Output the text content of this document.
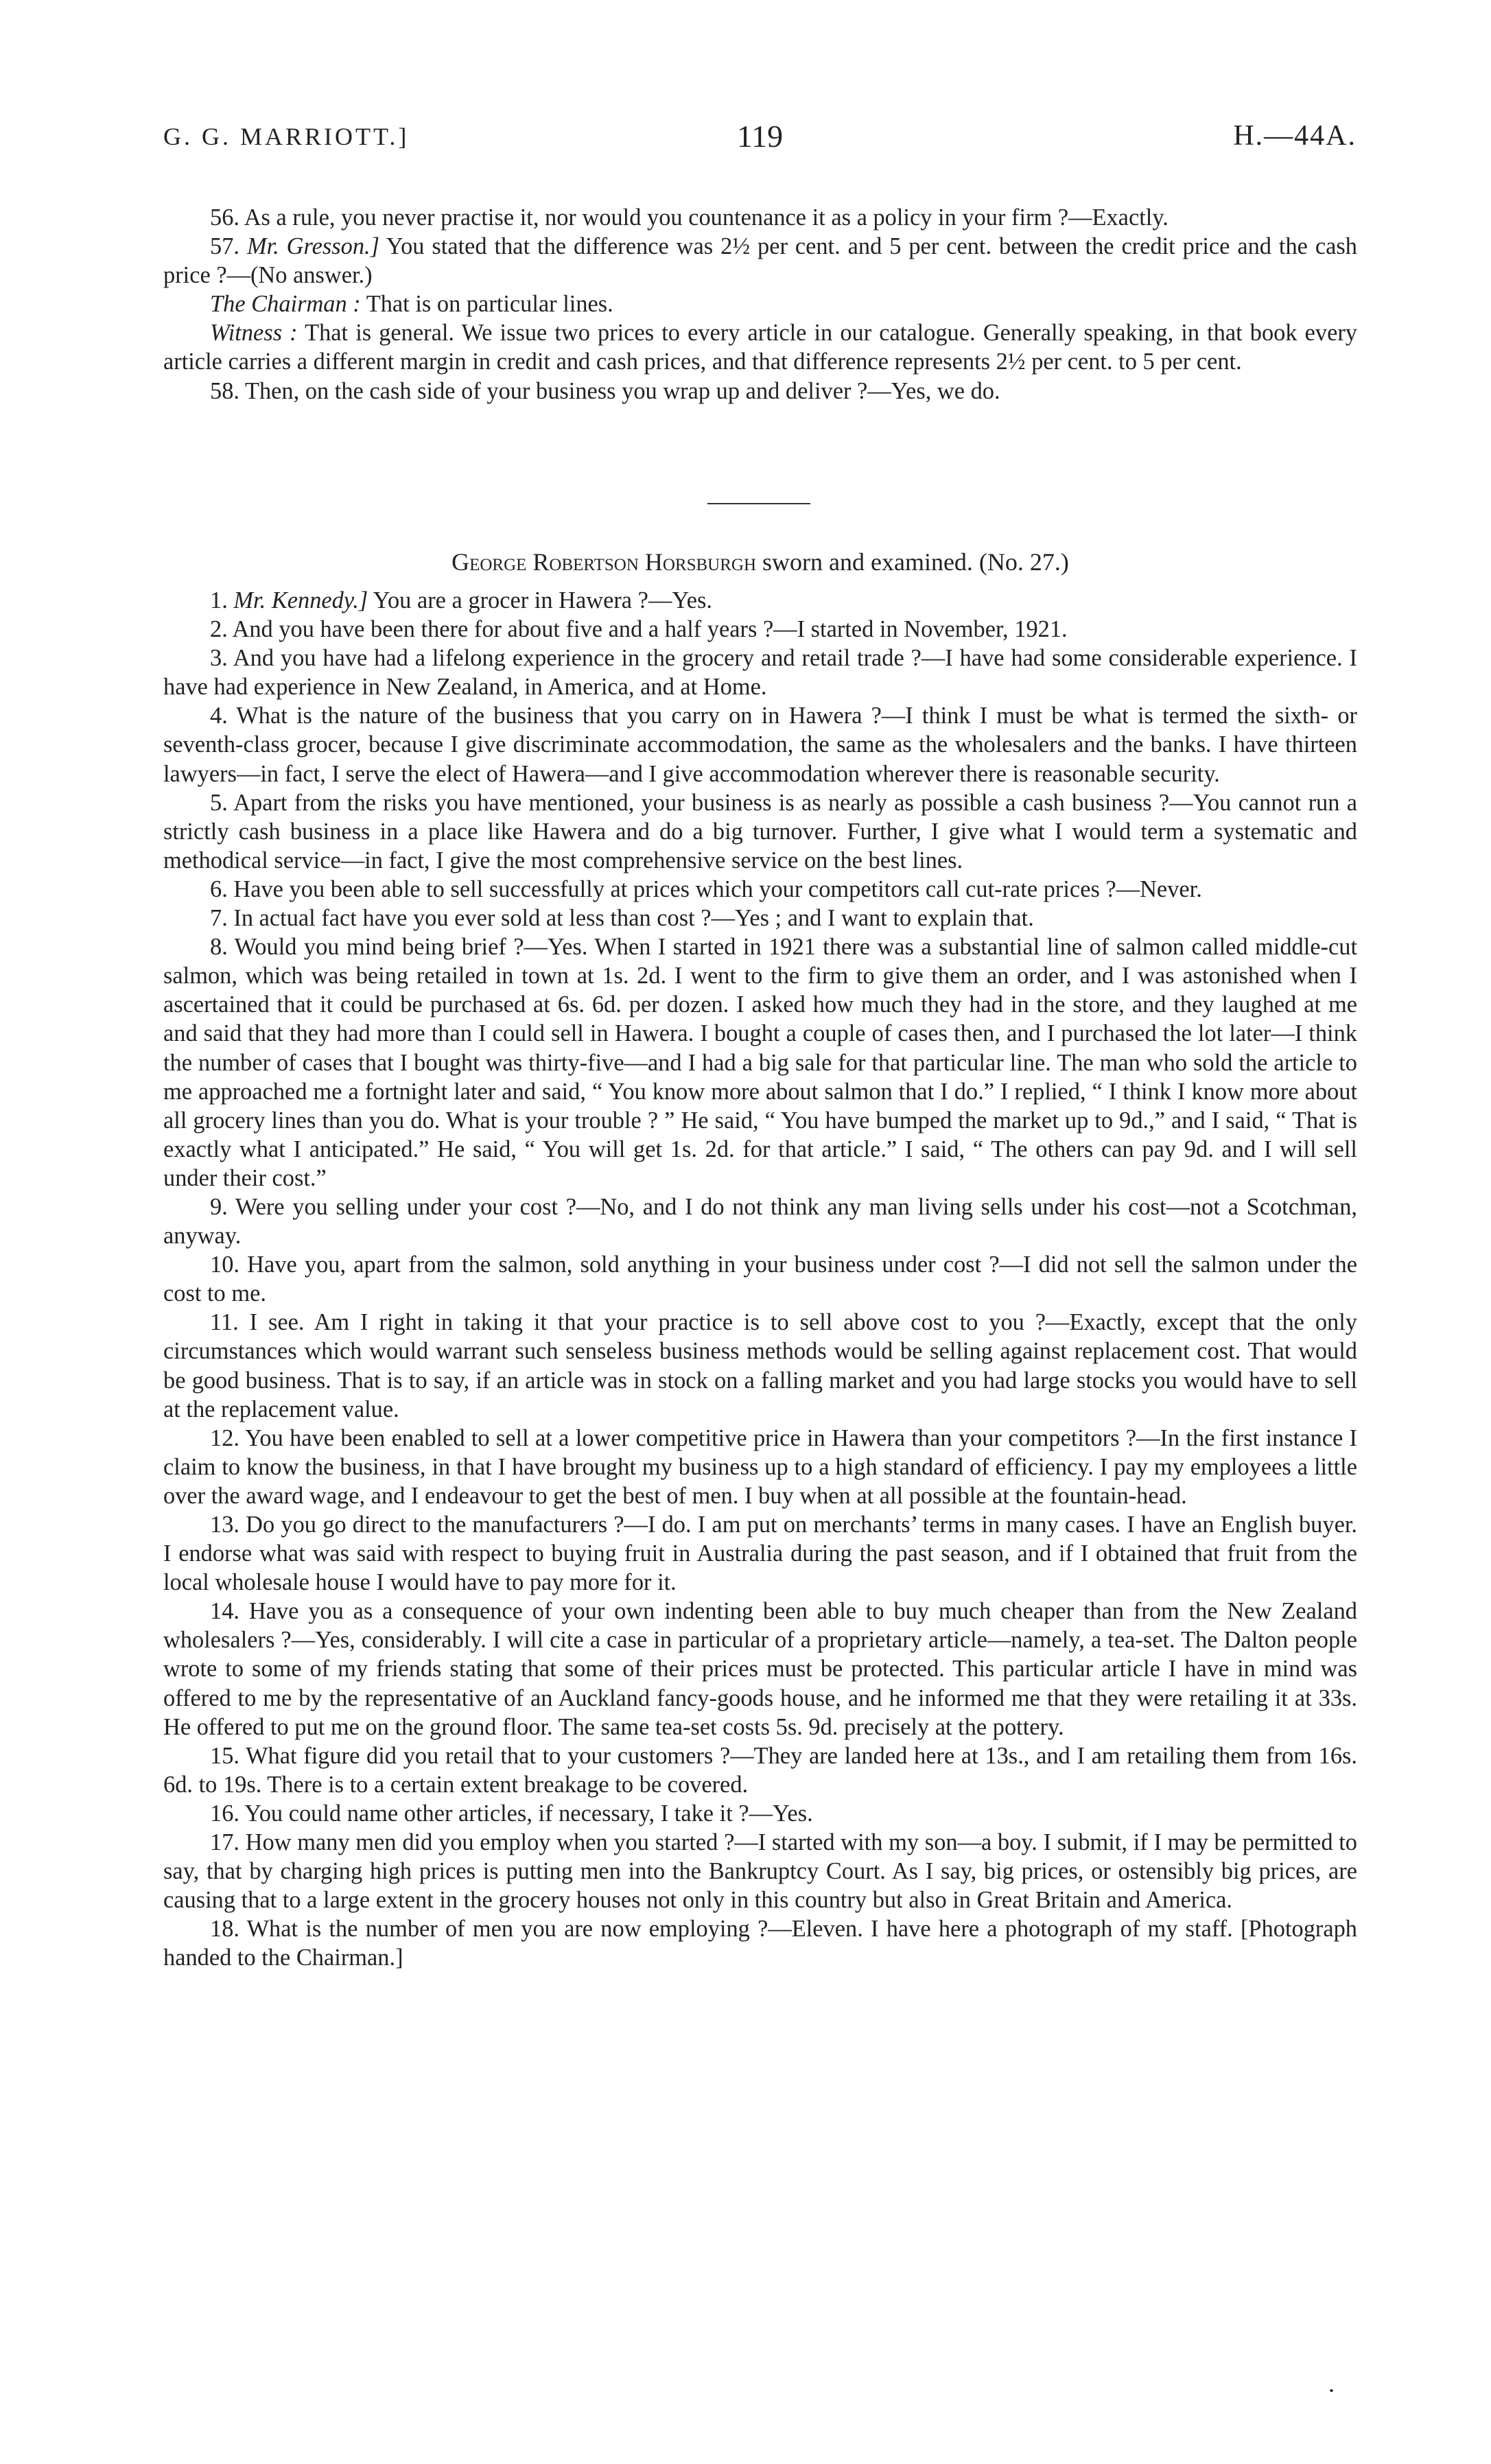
G. G. MARRIOTT.]	119	H.—44A.

56. As a rule, you never practise it, nor would you countenance it as a policy in your firm ?—Exactly.

57. Mr. Gresson.] You stated that the difference was 2½ per cent. and 5 per cent. between the credit price and the cash price ?—(No answer.)

The Chairman : That is on particular lines.

Witness : That is general. We issue two prices to every article in our catalogue. Generally speaking, in that book every article carries a different margin in credit and cash prices, and that difference represents 2½ per cent. to 5 per cent.

58. Then, on the cash side of your business you wrap up and deliver ?—Yes, we do.

George Robertson Horsburgh sworn and examined. (No. 27.)

1. Mr. Kennedy.] You are a grocer in Hawera ?—Yes.

2. And you have been there for about five and a half years ?—I started in November, 1921.

3. And you have had a lifelong experience in the grocery and retail trade ?—I have had some considerable experience. I have had experience in New Zealand, in America, and at Home.

4. What is the nature of the business that you carry on in Hawera ?—I think I must be what is termed the sixth- or seventh-class grocer, because I give discriminate accommodation, the same as the wholesalers and the banks. I have thirteen lawyers—in fact, I serve the elect of Hawera—and I give accommodation wherever there is reasonable security.

5. Apart from the risks you have mentioned, your business is as nearly as possible a cash business ?—You cannot run a strictly cash business in a place like Hawera and do a big turnover. Further, I give what I would term a systematic and methodical service—in fact, I give the most comprehensive service on the best lines.

6. Have you been able to sell successfully at prices which your competitors call cut-rate prices ?—Never.

7. In actual fact have you ever sold at less than cost ?—Yes ; and I want to explain that.

8. Would you mind being brief ?—Yes. When I started in 1921 there was a substantial line of salmon called middle-cut salmon, which was being retailed in town at 1s. 2d. I went to the firm to give them an order, and I was astonished when I ascertained that it could be purchased at 6s. 6d. per dozen. I asked how much they had in the store, and they laughed at me and said that they had more than I could sell in Hawera. I bought a couple of cases then, and I purchased the lot later—I think the number of cases that I bought was thirty-five—and I had a big sale for that particular line. The man who sold the article to me approached me a fortnight later and said, “ You know more about salmon that I do.” I replied, “ I think I know more about all grocery lines than you do. What is your trouble ? ” He said, “ You have bumped the market up to 9d.,” and I said, “ That is exactly what I anticipated.” He said, “ You will get 1s. 2d. for that article.” I said, “ The others can pay 9d. and I will sell under their cost.”

9. Were you selling under your cost ?—No, and I do not think any man living sells under his cost—not a Scotchman, anyway.

10. Have you, apart from the salmon, sold anything in your business under cost ?—I did not sell the salmon under the cost to me.

11. I see. Am I right in taking it that your practice is to sell above cost to you ?—Exactly, except that the only circumstances which would warrant such senseless business methods would be selling against replacement cost. That would be good business. That is to say, if an article was in stock on a falling market and you had large stocks you would have to sell at the replacement value.

12. You have been enabled to sell at a lower competitive price in Hawera than your competitors ?—In the first instance I claim to know the business, in that I have brought my business up to a high standard of efficiency. I pay my employees a little over the award wage, and I endeavour to get the best of men. I buy when at all possible at the fountain-head.

13. Do you go direct to the manufacturers ?—I do. I am put on merchants’ terms in many cases. I have an English buyer. I endorse what was said with respect to buying fruit in Australia during the past season, and if I obtained that fruit from the local wholesale house I would have to pay more for it.

14. Have you as a consequence of your own indenting been able to buy much cheaper than from the New Zealand wholesalers ?—Yes, considerably. I will cite a case in particular of a proprietary article—namely, a tea-set. The Dalton people wrote to some of my friends stating that some of their prices must be protected. This particular article I have in mind was offered to me by the representative of an Auckland fancy-goods house, and he informed me that they were retailing it at 33s. He offered to put me on the ground floor. The same tea-set costs 5s. 9d. precisely at the pottery.

15. What figure did you retail that to your customers ?—They are landed here at 13s., and I am retailing them from 16s. 6d. to 19s. There is to a certain extent breakage to be covered.

16. You could name other articles, if necessary, I take it ?—Yes.

17. How many men did you employ when you started ?—I started with my son—a boy. I submit, if I may be permitted to say, that by charging high prices is putting men into the Bankruptcy Court. As I say, big prices, or ostensibly big prices, are causing that to a large extent in the grocery houses not only in this country but also in Great Britain and America.

18. What is the number of men you are now employing ?—Eleven. I have here a photograph of my staff. [Photograph handed to the Chairman.]
